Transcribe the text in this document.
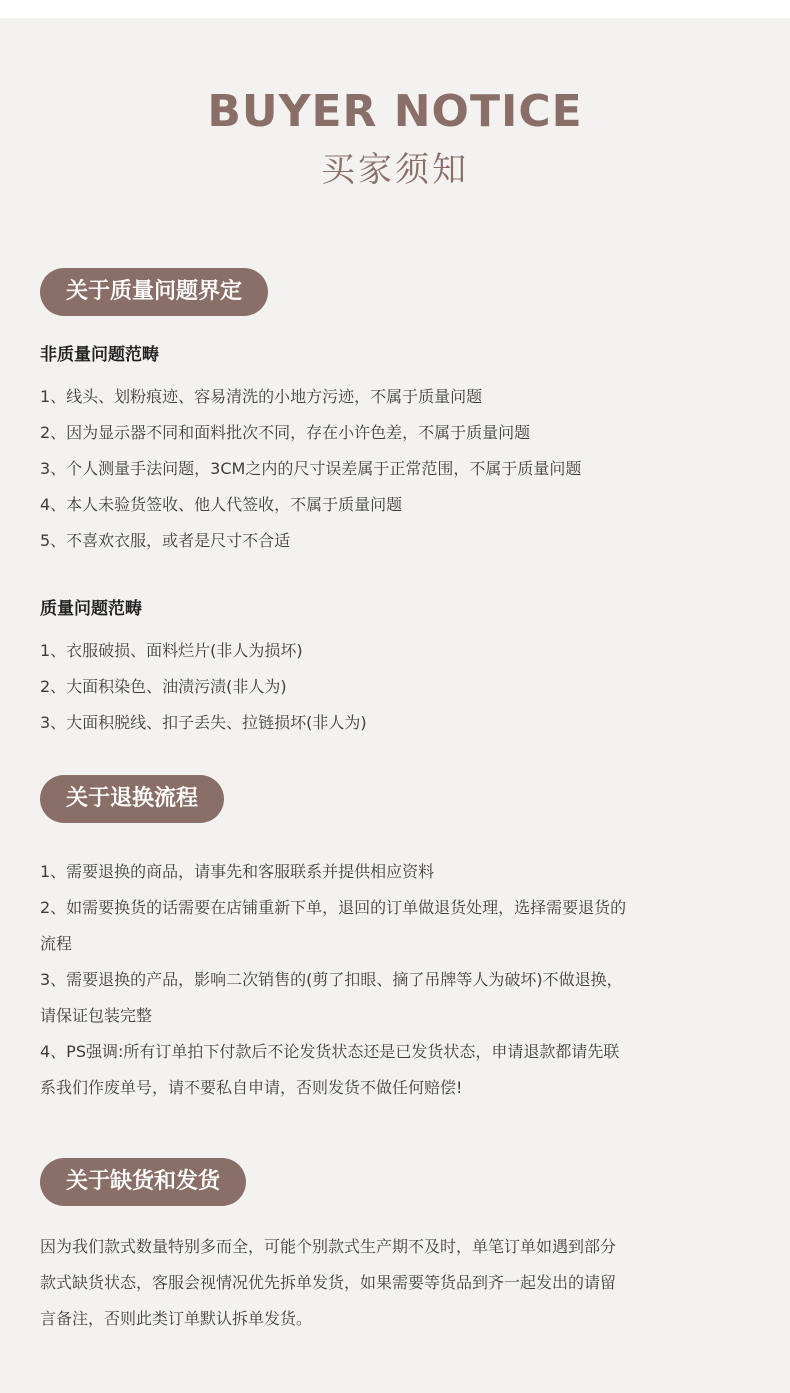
BUYER NOTICE
买家须知
关于质量问题界定
非质量问题范畴
1、线头、划粉痕迹、容易清洗的小地方污迹，不属于质量问题
2、因为显示器不同和面料批次不同，存在小许色差，不属于质量问题
3、个人测量手法问题，3CM之内的尺寸误差属于正常范围，不属于质量问题
4、本人未验货签收、他人代签收，不属于质量问题
5、不喜欢衣服，或者是尺寸不合适
质量问题范畴
1、衣服破损、面料烂片(非人为损坏)
2、大面积染色、油渍污渍(非人为)
3、大面积脱线、扣子丢失、拉链损坏(非人为)
关于退换流程
1、需要退换的商品，请事先和客服联系并提供相应资料
2、如需要换货的话需要在店铺重新下单，退回的订单做退货处理，选择需要退货的
流程
3、需要退换的产品，影响二次销售的(剪了扣眼、摘了吊牌等人为破坏)不做退换，
请保证包装完整
4、PS强调:所有订单拍下付款后不论发货状态还是已发货状态，申请退款都请先联
系我们作废单号，请不要私自申请，否则发货不做任何赔偿!
关于缺货和发货
因为我们款式数量特别多而全，可能个别款式生产期不及时，单笔订单如遇到部分
款式缺货状态，客服会视情况优先拆单发货，如果需要等货品到齐一起发出的请留
言备注，否则此类订单默认拆单发货。
